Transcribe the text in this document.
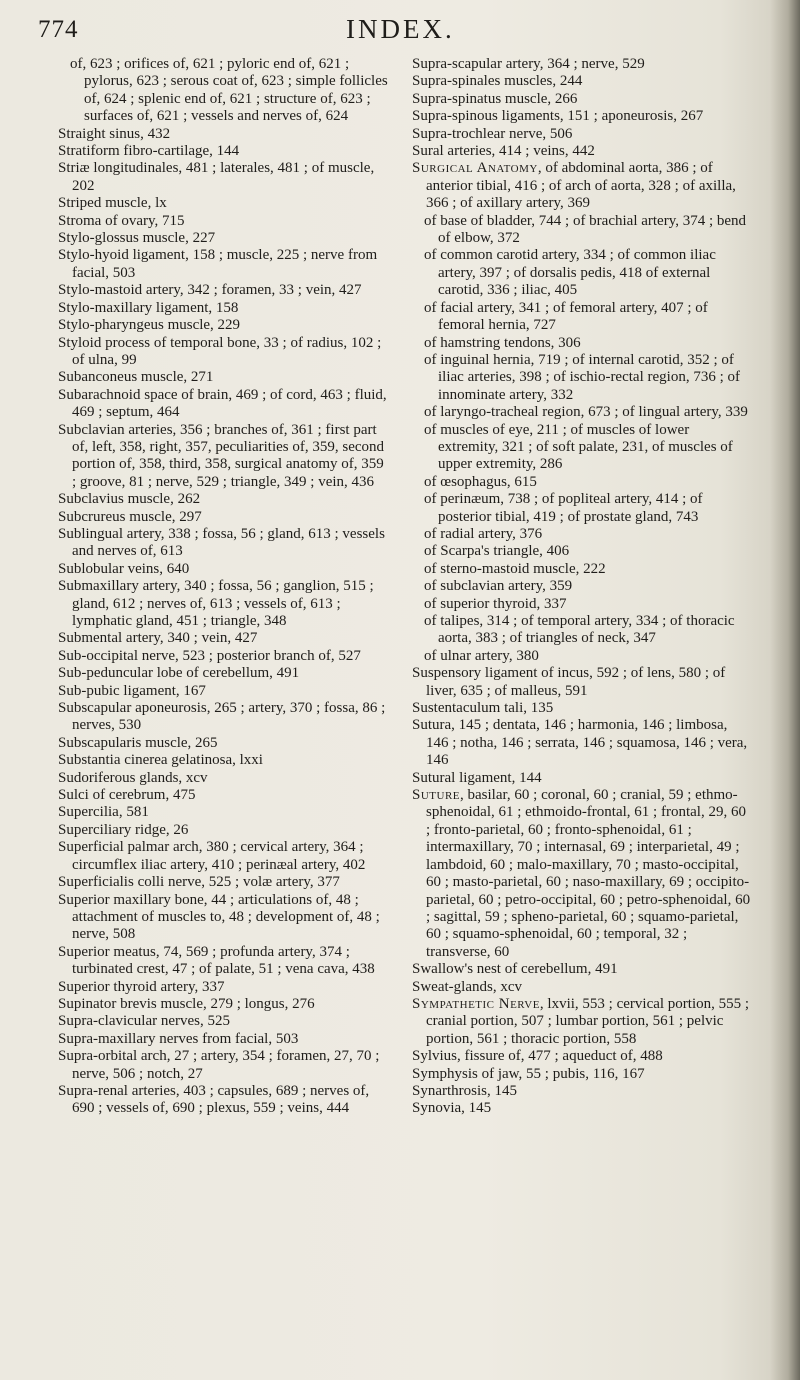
774	INDEX.

of, 623 ; orifices of, 621 ; pyloric end of, 621 ; pylorus, 623 ; serous coat of, 623 ; simple follicles of, 624 ; splenic end of, 621 ; structure of, 623 ; surfaces of, 621 ; vessels and nerves of, 624

Straight sinus, 432

Stratiform fibro-cartilage, 144

Striæ longitudinales, 481 ; laterales, 481 ; of muscle, 202

Striped muscle, lx

Stroma of ovary, 715

Stylo-glossus muscle, 227

Stylo-hyoid ligament, 158 ; muscle, 225 ; nerve from facial, 503

Stylo-mastoid artery, 342 ; foramen, 33 ; vein, 427

Stylo-maxillary ligament, 158

Stylo-pharyngeus muscle, 229

Styloid process of temporal bone, 33 ; of radius, 102 ; of ulna, 99

Subanconeus muscle, 271

Subarachnoid space of brain, 469 ; of cord, 463 ; fluid, 469 ; septum, 464

Subclavian arteries, 356 ; branches of, 361 ; first part of, left, 358, right, 357, peculiarities of, 359, second portion of, 358, third, 358, surgical anatomy of, 359 ; groove, 81 ; nerve, 529 ; triangle, 349 ; vein, 436

Subclavius muscle, 262

Subcrureus muscle, 297

Sublingual artery, 338 ; fossa, 56 ; gland, 613 ; vessels and nerves of, 613

Sublobular veins, 640

Submaxillary artery, 340 ; fossa, 56 ; ganglion, 515 ; gland, 612 ; nerves of, 613 ; vessels of, 613 ; lymphatic gland, 451 ; triangle, 348

Submental artery, 340 ; vein, 427

Sub-occipital nerve, 523 ; posterior branch of, 527

Sub-peduncular lobe of cerebellum, 491

Sub-pubic ligament, 167

Subscapular aponeurosis, 265 ; artery, 370 ; fossa, 86 ; nerves, 530

Subscapularis muscle, 265

Substantia cinerea gelatinosa, lxxi

Sudoriferous glands, xcv

Sulci of cerebrum, 475

Supercilia, 581

Superciliary ridge, 26

Superficial palmar arch, 380 ; cervical artery, 364 ; circumflex iliac artery, 410 ; perinæal artery, 402

Superficialis colli nerve, 525 ; volæ artery, 377

Superior maxillary bone, 44 ; articulations of, 48 ; attachment of muscles to, 48 ; development of, 48 ; nerve, 508

Superior meatus, 74, 569 ; profunda artery, 374 ; turbinated crest, 47 ; of palate, 51 ; vena cava, 438

Superior thyroid artery, 337

Supinator brevis muscle, 279 ; longus, 276

Supra-clavicular nerves, 525

Supra-maxillary nerves from facial, 503

Supra-orbital arch, 27 ; artery, 354 ; foramen, 27, 70 ; nerve, 506 ; notch, 27

Supra-renal arteries, 403 ; capsules, 689 ; nerves of, 690 ; vessels of, 690 ; plexus, 559 ; veins, 444

Supra-scapular artery, 364 ; nerve, 529

Supra-spinales muscles, 244

Supra-spinatus muscle, 266

Supra-spinous ligaments, 151 ; aponeurosis, 267

Supra-trochlear nerve, 506

Sural arteries, 414 ; veins, 442

Surgical Anatomy, of abdominal aorta, 386 ; of anterior tibial, 416 ; of arch of aorta, 328 ; of axilla, 366 ; of axillary artery, 369

of base of bladder, 744 ; of brachial artery, 374 ; bend of elbow, 372

of common carotid artery, 334 ; of common iliac artery, 397 ; of dorsalis pedis, 418 of external carotid, 336 ; iliac, 405

of facial artery, 341 ; of femoral artery, 407 ; of femoral hernia, 727

of hamstring tendons, 306

of inguinal hernia, 719 ; of internal carotid, 352 ; of iliac arteries, 398 ; of ischio-rectal region, 736 ; of innominate artery, 332

of laryngo-tracheal region, 673 ; of lingual artery, 339

of muscles of eye, 211 ; of muscles of lower extremity, 321 ; of soft palate, 231, of muscles of upper extremity, 286

of œsophagus, 615

of perinæum, 738 ; of popliteal artery, 414 ; of posterior tibial, 419 ; of prostate gland, 743

of radial artery, 376

of Scarpa's triangle, 406

of sterno-mastoid muscle, 222

of subclavian artery, 359

of superior thyroid, 337

of talipes, 314 ; of temporal artery, 334 ; of thoracic aorta, 383 ; of triangles of neck, 347

of ulnar artery, 380

Suspensory ligament of incus, 592 ; of lens, 580 ; of liver, 635 ; of malleus, 591

Sustentaculum tali, 135

Sutura, 145 ; dentata, 146 ; harmonia, 146 ; limbosa, 146 ; notha, 146 ; serrata, 146 ; squamosa, 146 ; vera, 146

Sutural ligament, 144

Suture, basilar, 60 ; coronal, 60 ; cranial, 59 ; ethmo-sphenoidal, 61 ; ethmoido-frontal, 61 ; frontal, 29, 60 ; fronto-parietal, 60 ; fronto-sphenoidal, 61 ; intermaxillary, 70 ; internasal, 69 ; interparietal, 49 ; lambdoid, 60 ; malo-maxillary, 70 ; masto-occipital, 60 ; masto-parietal, 60 ; naso-maxillary, 69 ; occipito-parietal, 60 ; petro-occipital, 60 ; petro-sphenoidal, 60 ; sagittal, 59 ; spheno-parietal, 60 ; squamo-parietal, 60 ; squamo-sphenoidal, 60 ; temporal, 32 ; transverse, 60

Swallow's nest of cerebellum, 491

Sweat-glands, xcv

Sympathetic Nerve, lxvii, 553 ; cervical portion, 555 ; cranial portion, 507 ; lumbar portion, 561 ; pelvic portion, 561 ; thoracic portion, 558

Sylvius, fissure of, 477 ; aqueduct of, 488

Symphysis of jaw, 55 ; pubis, 116, 167

Synarthrosis, 145

Synovia, 145
